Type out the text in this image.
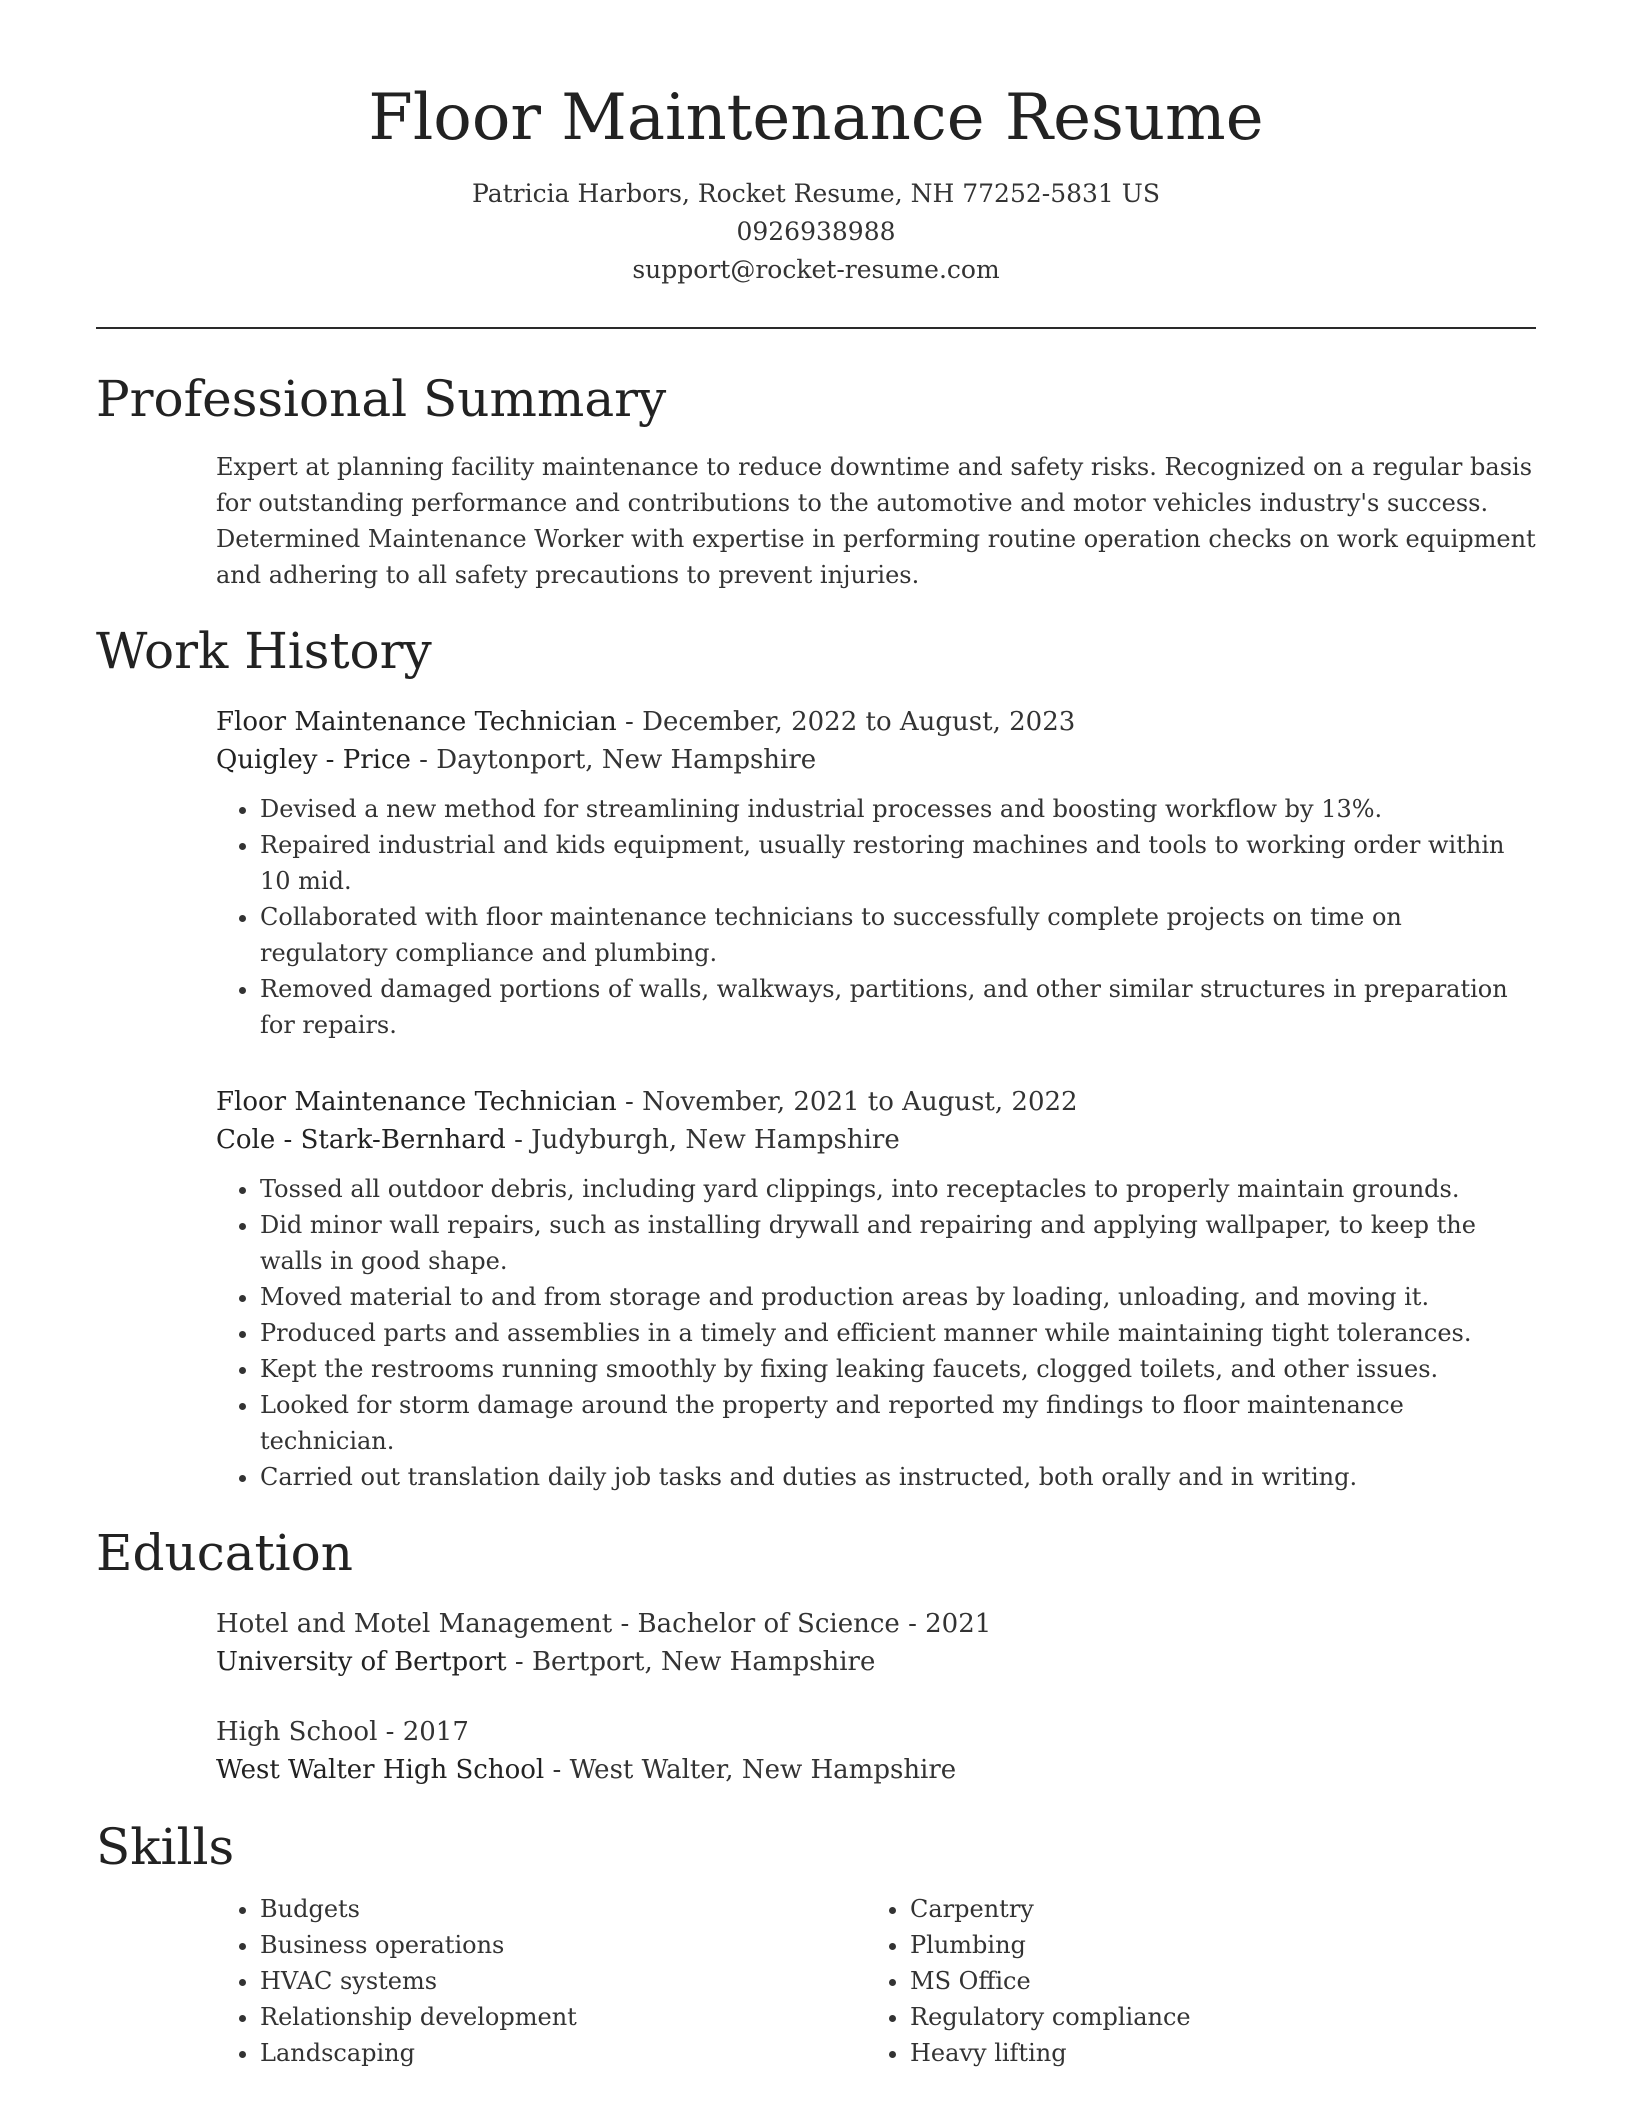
Floor Maintenance Resume
Patricia Harbors, Rocket Resume, NH 77252-5831 US
0926938988
support@rocket-resume.com
Professional Summary
Expert at planning facility maintenance to reduce downtime and safety risks. Recognized on a regular basis for outstanding performance and contributions to the automotive and motor vehicles industry's success. Determined Maintenance Worker with expertise in performing routine operation checks on work equipment and adhering to all safety precautions to prevent injuries.
Work History
Floor Maintenance Technician - December, 2022 to August, 2023
Quigley - Price - Daytonport, New Hampshire
• Devised a new method for streamlining industrial processes and boosting workflow by 13%.
• Repaired industrial and kids equipment, usually restoring machines and tools to working order within 10 mid.
• Collaborated with floor maintenance technicians to successfully complete projects on time on regulatory compliance and plumbing.
• Removed damaged portions of walls, walkways, partitions, and other similar structures in preparation for repairs.
Floor Maintenance Technician - November, 2021 to August, 2022
Cole - Stark-Bernhard - Judyburgh, New Hampshire
• Tossed all outdoor debris, including yard clippings, into receptacles to properly maintain grounds.
• Did minor wall repairs, such as installing drywall and repairing and applying wallpaper, to keep the walls in good shape.
• Moved material to and from storage and production areas by loading, unloading, and moving it.
• Produced parts and assemblies in a timely and efficient manner while maintaining tight tolerances.
• Kept the restrooms running smoothly by fixing leaking faucets, clogged toilets, and other issues.
• Looked for storm damage around the property and reported my findings to floor maintenance technician.
• Carried out translation daily job tasks and duties as instructed, both orally and in writing.
Education
Hotel and Motel Management - Bachelor of Science - 2021
University of Bertport - Bertport, New Hampshire
High School - 2017
West Walter High School - West Walter, New Hampshire
Skills
• Budgets
• Business operations
• HVAC systems
• Relationship development
• Landscaping
• Carpentry
• Plumbing
• MS Office
• Regulatory compliance
• Heavy lifting
